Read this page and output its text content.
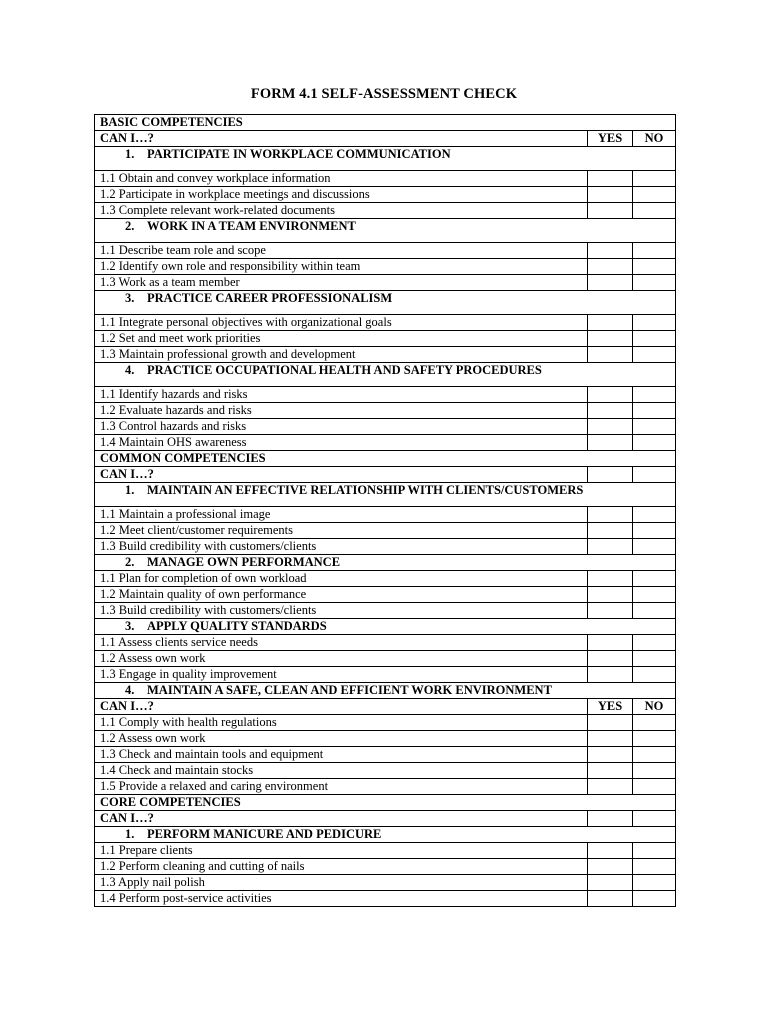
FORM 4.1 SELF-ASSESSMENT CHECK
BASIC COMPETENCIES		
CAN I…?	YES	NO
1. PARTICIPATE IN WORKPLACE COMMUNICATION		
1.1 Obtain and convey workplace information		
1.2 Participate in workplace meetings and discussions		
1.3 Complete relevant work-related documents		
2. WORK IN A TEAM ENVIRONMENT		
1.1 Describe team role and scope		
1.2 Identify own role and responsibility within team		
1.3 Work as a team member		
3. PRACTICE CAREER PROFESSIONALISM		
1.1 Integrate personal objectives with organizational goals		
1.2 Set and meet work priorities		
1.3 Maintain professional growth and development		
4. PRACTICE OCCUPATIONAL HEALTH AND SAFETY PROCEDURES		
1.1 Identify hazards and risks		
1.2 Evaluate hazards and risks		
1.3 Control hazards and risks		
1.4 Maintain OHS awareness		
COMMON COMPETENCIES		
CAN I…?		
1. MAINTAIN AN EFFECTIVE RELATIONSHIP WITH CLIENTS/CUSTOMERS		
1.1 Maintain a professional image		
1.2 Meet client/customer requirements		
1.3 Build credibility with customers/clients		
2. MANAGE OWN PERFORMANCE		
1.1 Plan for completion of own workload		
1.2 Maintain quality of own performance		
1.3 Build credibility with customers/clients		
3. APPLY QUALITY STANDARDS		
1.1 Assess clients service needs		
1.2 Assess own work		
1.3 Engage in quality improvement		
4. MAINTAIN A SAFE, CLEAN AND EFFICIENT WORK ENVIRONMENT		
CAN I…?	YES	NO
1.1 Comply with health regulations		
1.2 Assess own work		
1.3 Check and maintain tools and equipment		
1.4 Check and maintain stocks		
1.5 Provide a relaxed and caring environment		
CORE COMPETENCIES		
CAN I…?		
1. PERFORM MANICURE AND PEDICURE		
1.1 Prepare clients		
1.2 Perform cleaning and cutting of nails		
1.3 Apply nail polish		
1.4 Perform post-service activities		
